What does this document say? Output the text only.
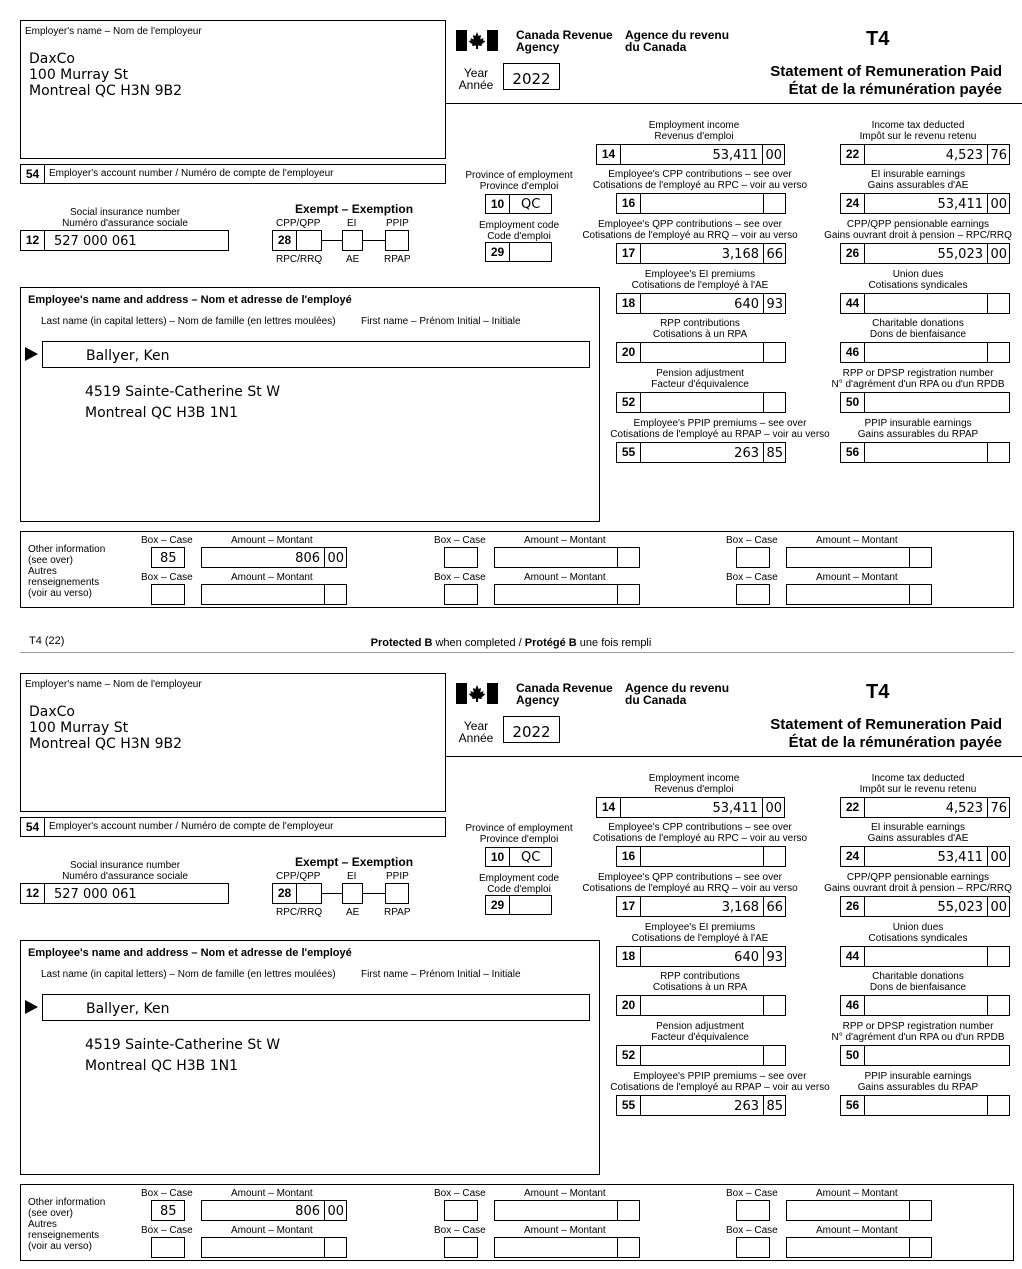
Employer's name – Nom de l'employeur
DaxCo
100 Murray St
Montreal QC H3N 9B2
Canada Revenue
Agency
Agence du revenu
du Canada	T4
Year
Année	2022	Statement of Remuneration Paid
État de la rémunération payée
54 Employer's account number / Numéro de compte de l'employeur
Social insurance number
Numéro d'assurance sociale
12	527 000 061
Exempt – Exemption
CPP/QPP	EI	PPIP
28
RPC/RRQ AE RPAP
Province of employment
Province d'emploi
10	QC
Employment code
Code d'emploi
29
Employment income
Revenus d'emploi
14	53,411 00
Income tax deducted
Impôt sur le revenu retenu
22	4,523 76
Employee's CPP contributions – see over
Cotisations de l'employé au RPC – voir au verso
16
EI insurable earnings
Gains assurables d'AE
24	53,411 00
Employee's QPP contributions – see over
Cotisations de l'employé au RRQ – voir au verso
17	3,168 66
CPP/QPP pensionable earnings
Gains ouvrant droit à pension – RPC/RRQ
26	55,023 00
Employee's EI premiums
Cotisations de l'employé à l'AE
18	640 93
Union dues
Cotisations syndicales
44
RPP contributions
Cotisations à un RPA
20
Charitable donations
Dons de bienfaisance
46
Pension adjustment
Facteur d'équivalence
52
RPP or DPSP registration number
N° d'agrément d'un RPA ou d'un RPDB
50
Employee's PPIP premiums – see over
Cotisations de l'employé au RPAP – voir au verso
55	263 85
PPIP insurable earnings
Gains assurables du RPAP
56
Employee's name and address – Nom et adresse de l'employé
Last name (in capital letters) – Nom de famille (en lettres moulées)	First name – Prénom Initial – Initiale
Ballyer, Ken
4519 Sainte-Catherine St W
Montreal QC H3B 1N1
Other information
(see over)
Autres
renseignements
(voir au verso)
Box – Case	Amount – Montant
85	806 00
Box – Case	Amount – Montant
Box – Case	Amount – Montant
Box – Case	Amount – Montant
Box – Case	Amount – Montant
Box – Case	Amount – Montant
T4 (22)	Protected B when completed / Protégé B une fois rempli
Employer's name – Nom de l'employeur
DaxCo
100 Murray St
Montreal QC H3N 9B2
Canada Revenue
Agency
Agence du revenu
du Canada	T4
Year
Année	2022	Statement of Remuneration Paid
État de la rémunération payée
54 Employer's account number / Numéro de compte de l'employeur
Social insurance number
Numéro d'assurance sociale
12	527 000 061
Exempt – Exemption
CPP/QPP	EI	PPIP
28
RPC/RRQ AE RPAP
Province of employment
Province d'emploi
10	QC
Employment code
Code d'emploi
29
Employment income
Revenus d'emploi
14	53,411 00
Income tax deducted
Impôt sur le revenu retenu
22	4,523 76
Employee's CPP contributions – see over
Cotisations de l'employé au RPC – voir au verso
16
EI insurable earnings
Gains assurables d'AE
24	53,411 00
Employee's QPP contributions – see over
Cotisations de l'employé au RRQ – voir au verso
17	3,168 66
CPP/QPP pensionable earnings
Gains ouvrant droit à pension – RPC/RRQ
26	55,023 00
Employee's EI premiums
Cotisations de l'employé à l'AE
18	640 93
Union dues
Cotisations syndicales
44
RPP contributions
Cotisations à un RPA
20
Charitable donations
Dons de bienfaisance
46
Pension adjustment
Facteur d'équivalence
52
RPP or DPSP registration number
N° d'agrément d'un RPA ou d'un RPDB
50
Employee's PPIP premiums – see over
Cotisations de l'employé au RPAP – voir au verso
55	263 85
PPIP insurable earnings
Gains assurables du RPAP
56
Employee's name and address – Nom et adresse de l'employé
Last name (in capital letters) – Nom de famille (en lettres moulées)	First name – Prénom Initial – Initiale
Ballyer, Ken
4519 Sainte-Catherine St W
Montreal QC H3B 1N1
Other information
(see over)
Autres
renseignements
(voir au verso)
Box – Case	Amount – Montant
85	806 00
Box – Case	Amount – Montant
Box – Case	Amount – Montant
Box – Case	Amount – Montant
Box – Case	Amount – Montant
Box – Case	Amount – Montant
